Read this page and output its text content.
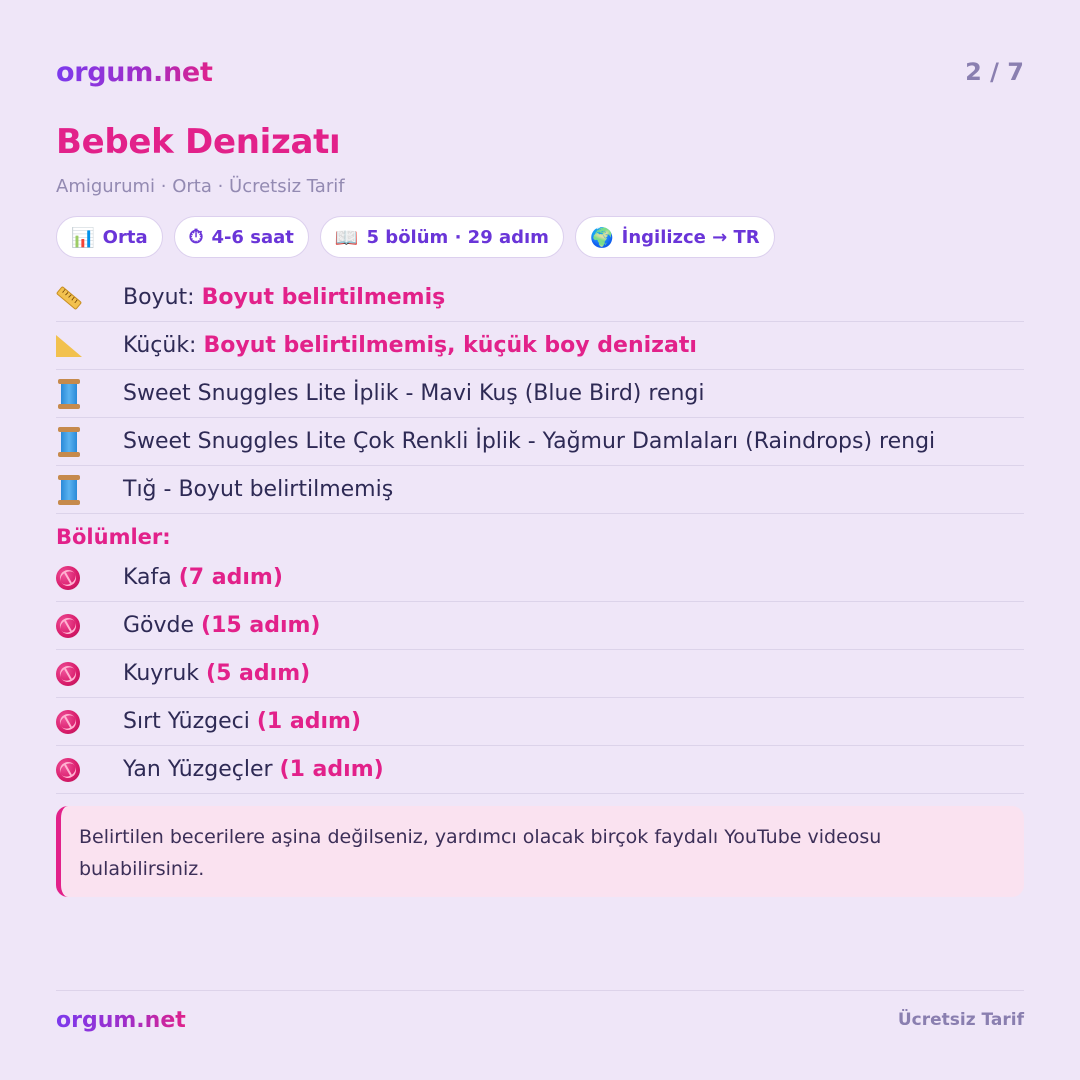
orgum.net	2 / 7
Bebek Denizatı
Amigurumi · Orta · Ücretsiz Tarif
📊 Orta ⏱ 4-6 saat 📖 5 bölüm · 29 adım 🌍 İngilizce → TR
Boyut:
Boyut belirtilmemiş
Küçük:
Boyut belirtilmemiş, küçük boy denizatı
Sweet Snuggles Lite İplik - Mavi Kuş (Blue Bird) rengi
Sweet Snuggles Lite Çok Renkli İplik - Yağmur Damlaları (Raindrops) rengi
Tığ - Boyut belirtilmemiş
Bölümler:
Kafa
(7 adım)
Gövde
(15 adım)
Kuyruk
(5 adım)
Sırt Yüzgeci
(1 adım)
Yan Yüzgeçler
(1 adım)
Belirtilen becerilere aşina değilseniz, yardımcı olacak birçok faydalı YouTube videosu bulabilirsiniz.
orgum.net	Ücretsiz Tarif
